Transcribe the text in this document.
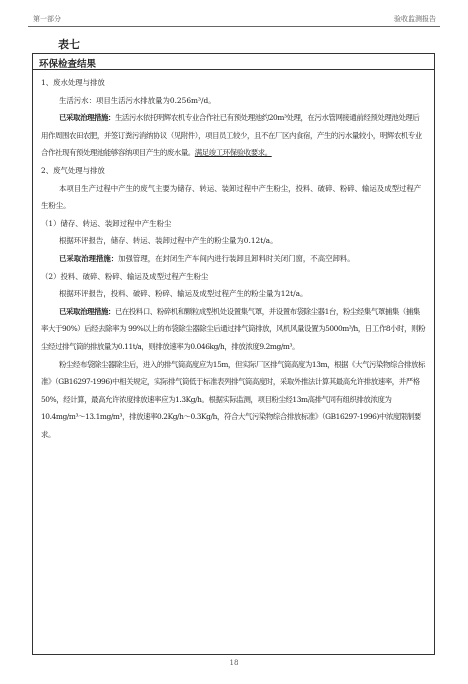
第一部分	验收监测报告
表七
环保检查结果

1、废水处理与排放

生活污水：项目生活污水排放量为0.256m³/d。

已采取治理措施：生活污水依托明辉农机专业合作社已有预处理池约20m³处理，在污水管网接通前经预处理池处理后用作周围农田农肥，并签订粪污消纳协议（见附件），项目员工较少，且不在厂区内食宿，产生的污水量较小，明辉农机专业合作社现有预处理池能够容纳项目产生的废水量。满足竣工环保验收要求。

2、废气处理与排放

本项目生产过程中产生的废气主要为储存、转运、装卸过程中产生粉尘，投料、破碎、粉碎、输运及成型过程产生粉尘。

（1）储存、转运、装卸过程中产生粉尘

根据环评报告，储存、转运、装卸过程中产生的粉尘量为0.12t/a。

已采取治理措施：加强管理，在封闭生产车间内进行装卸且卸料时关闭门窗，不高空卸料。

（2）投料、破碎、粉碎、输运及成型过程产生粉尘

根据环评报告，投料、破碎、粉碎、输运及成型过程产生的粉尘量为12t/a。

已采取治理措施：已在投料口、粉碎机和颗粒成型机处设置集气罩，并设置布袋除尘器1台，粉尘经集气罩捕集（捕集率大于90%）后经去除率为 99%以上的布袋除尘器除尘后通过排气筒排放，风机风量设置为5000m³/h，日工作8小时，则粉尘经过排气筒的排放量为0.11t/a，则排放速率为0.046kg/h，排放浓度9.2mg/m³。

粉尘经布袋除尘器除尘后，进入的排气筒高度应为15m，但实际厂区排气筒高度为13m，根据《大气污染物综合排放标准》（GB16297-1996)中相关规定，实际排气筒低于标准表列排气筒高度时，采取外推法计算其最高允许排放速率，并严格50%，经计算，最高允许浓度排放速率应为1.3Kg/h。根据实际监测，项目粉尘经13m高排气同有组织排放浓度为10.4mg/m³～13.1mg/m³，排放速率0.2Kg/h～0.3Kg/h，符合大气污染物综合排放标准》（GB16297-1996)中浓度限制要求。

18
